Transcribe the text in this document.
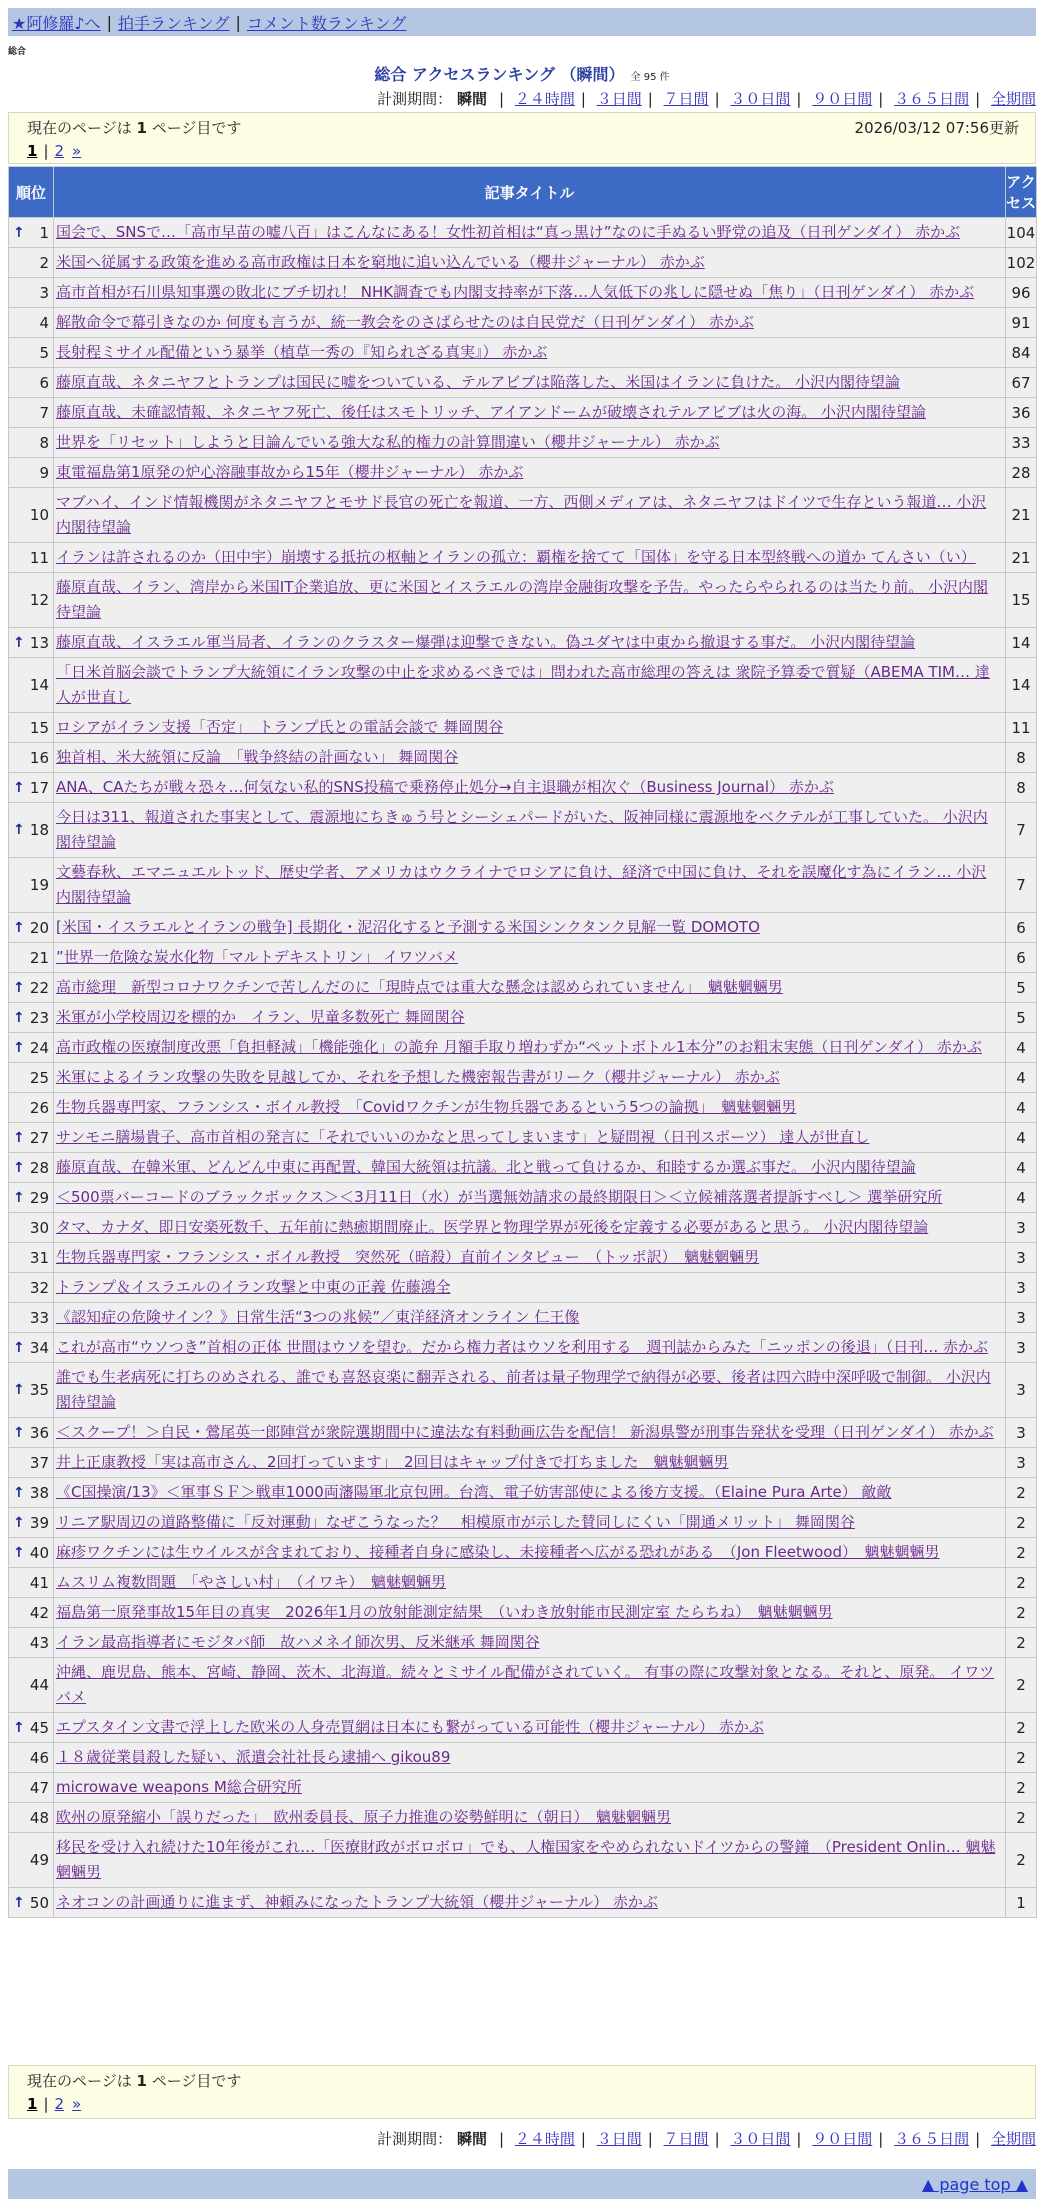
★阿修羅♪へ | 拍手ランキング | コメント数ランキング
総合
総合 アクセスランキング （瞬間） 全 95 件
計測期間： 瞬間 | ２４時間 | ３日間 | ７日間 | ３０日間 | ９０日間 | ３６５日間 | 全期間
現在のページは 1 ページ目です	2026/03/12 07:56更新
1 | 2 »
順位	記事タイトル	アクセス

↑ 1	国会で、SNSで…「高市早苗の嘘八百」はこんなにある！女性初首相は“真っ黒け”なのに手ぬるい野党の追及（日刊ゲンダイ） 赤かぶ	104
2	米国へ従属する政策を進める高市政権は日本を窮地に追い込んでいる（櫻井ジャーナル） 赤かぶ	102
3	高市首相が石川県知事選の敗北にブチ切れ！ NHK調査でも内閣支持率が下落…人気低下の兆しに隠せぬ「焦り」（日刊ゲンダイ） 赤かぶ	96
4	解散命令で幕引きなのか 何度も言うが、統一教会をのさばらせたのは自民党だ（日刊ゲンダイ） 赤かぶ	91
5	長射程ミサイル配備という暴挙（植草一秀の『知られざる真実』） 赤かぶ	84
6	藤原直哉、ネタニヤフとトランプは国民に嘘をついている、テルアビブは陥落した、米国はイランに負けた。 小沢内閣待望論	67
7	藤原直哉、未確認情報、ネタニヤフ死亡、後任はスモトリッチ、アイアンドームが破壊されテルアビブは火の海。 小沢内閣待望論	36
8	世界を「リセット」しようと目論んでいる強大な私的権力の計算間違い（櫻井ジャーナル） 赤かぶ	33
9	東電福島第1原発の炉心溶融事故から15年（櫻井ジャーナル） 赤かぶ	28
10	マブハイ、インド情報機関がネタニヤフとモサド長官の死亡を報道、一方、西側メディアは、ネタニヤフはドイツで生存という報道… 小沢内閣待望論	21
11	イランは許されるのか（田中宇）崩壊する抵抗の枢軸とイランの孤立：覇権を捨てて「国体」を守る日本型終戦への道か てんさい（い）	21
12	藤原直哉、イラン、湾岸から米国IT企業追放、更に米国とイスラエルの湾岸金融街攻撃を予告。やったらやられるのは当たり前。 小沢内閣待望論	15

↑ 13	藤原直哉、イスラエル軍当局者、イランのクラスター爆弾は迎撃できない。偽ユダヤは中東から撤退する事だ。 小沢内閣待望論	14
14	「日米首脳会談でトランプ大統領にイラン攻撃の中止を求めるべきでは」問われた高市総理の答えは 衆院予算委で質疑（ABEMA TIM… 達人が世直し	14
15	ロシアがイラン支援「否定」　トランプ氏との電話会談で 舞岡関谷	11
16	独首相、米大統領に反論　「戦争終結の計画ない」 舞岡関谷	8

↑ 17	ANA、CAたちが戦々恐々…何気ない私的SNS投稿で乗務停止処分→自主退職が相次ぐ（Business Journal） 赤かぶ	8

↑ 18	今日は311、報道された事実として、震源地にちきゅう号とシーシェパードがいた、阪神同様に震源地をベクテルが工事していた。 小沢内閣待望論	7
19	文藝春秋、エマニュエルトッド、歴史学者、アメリカはウクライナでロシアに負け、経済で中国に負け、それを誤魔化す為にイラン… 小沢内閣待望論	7

↑ 20	[米国・イスラエルとイランの戦争] 長期化・泥沼化すると予測する米国シンクタンク見解一覧 DOMOTO	6
21	”世界一危険な炭水化物「マルトデキストリン」 イワツバメ	6

↑ 22	高市総理　新型コロナワクチンで苦しんだのに「現時点では重大な懸念は認められていません」　魑魅魍魎男	5

↑ 23	米軍が小学校周辺を標的か　イラン、児童多数死亡 舞岡関谷	5

↑ 24	高市政権の医療制度改悪「負担軽減」「機能強化」の詭弁 月額手取り増わずか“ペットボトル1本分”のお粗末実態（日刊ゲンダイ） 赤かぶ	4
25	米軍によるイラン攻撃の失敗を見越してか、それを予想した機密報告書がリーク（櫻井ジャーナル） 赤かぶ	4
26	生物兵器専門家、フランシス・ボイル教授　「Covidワクチンが生物兵器であるという5つの論拠」　魑魅魍魎男	4

↑ 27	サンモニ膳場貴子、高市首相の発言に「それでいいのかなと思ってしまいます」と疑問視（日刊スポーツ） 達人が世直し	4

↑ 28	藤原直哉、在韓米軍、どんどん中東に再配置、韓国大統領は抗議。北と戦って負けるか、和睦するか選ぶ事だ。 小沢内閣待望論	4

↑ 29	＜500票バーコードのブラックボックス＞＜3月11日（水）が当選無効請求の最終期限日＞＜立候補落選者提訴すべし＞ 選挙研究所	4
30	タマ、カナダ、即日安楽死数千、五年前に熱癒期間廃止。医学界と物理学界が死後を定義する必要があると思う。 小沢内閣待望論	3
31	生物兵器専門家・フランシス・ボイル教授　突然死（暗殺）直前インタビュー　（トッポ訳）　魑魅魍魎男	3
32	トランプ＆イスラエルのイラン攻撃と中東の正義 佐藤鴻全	3
33	《認知症の危険サイン？》日常生活“3つの兆候”／東洋経済オンライン 仁王像	3

↑ 34	これが高市“ウソつき”首相の正体 世間はウソを望む。だから権力者はウソを利用する　週刊誌からみた「ニッポンの後退」（日刊… 赤かぶ	3

↑ 35	誰でも生老病死に打ちのめされる、誰でも喜怒哀楽に翻弄される、前者は量子物理学で納得が必要、後者は四六時中深呼吸で制御。 小沢内閣待望論	3

↑ 36	＜スクープ！＞自民・鶯尾英一郎陣営が衆院選期間中に違法な有料動画広告を配信！ 新潟県警が刑事告発状を受理（日刊ゲンダイ） 赤かぶ	3
37	井上正康教授「実は高市さん、2回打っています」　2回目はキャップ付きで打ちました　魑魅魍魎男	3

↑ 38	《C国操演/13》＜軍事ＳＦ＞戦車1000両瀋陽軍北京包囲。台湾、電子妨害部使による後方支援。（Elaine Pura Arte） 敵敵	2

↑ 39	リニア駅周辺の道路整備に「反対運動」なぜこうなった？　相模原市が示した賛同しにくい「開通メリット」 舞岡関谷	2

↑ 40	麻疹ワクチンには生ウイルスが含まれており、接種者自身に感染し、未接種者へ広がる恐れがある　（Jon Fleetwood）　魑魅魍魎男	2
41	ムスリム複数問題　「やさしい村」　（イワキ）　魑魅魍魎男	2
42	福島第一原発事故15年目の真実　2026年1月の放射能測定結果　（いわき放射能市民測定室 たらちね）　魑魅魍魎男	2
43	イラン最高指導者にモジタバ師　故ハメネイ師次男、反米継承 舞岡関谷	2
44	沖縄、鹿児島、熊本、宮崎、静岡、茨木、北海道。続々とミサイル配備がされていく。 有事の際に攻撃対象となる。それと、原発。 イワツバメ	2

↑ 45	エプスタイン文書で浮上した欧米の人身売買網は日本にも繋がっている可能性（櫻井ジャーナル） 赤かぶ	2
46	１８歳従業員殺した疑い、派遣会社社長ら逮捕へ gikou89	2
47	microwave weapons M総合研究所	2
48	欧州の原発縮小「誤りだった」　欧州委員長、原子力推進の姿勢鮮明に（朝日）　魑魅魍魎男	2
49	移民を受け入れ続けた10年後がこれ…「医療財政がボロボロ」でも、人権国家をやめられないドイツからの警鐘　（President Onlin… 魑魅魍魎男	2

↑ 50	ネオコンの計画通りに進まず、神頼みになったトランプ大統領（櫻井ジャーナル） 赤かぶ	1
現在のページは 1 ページ目です
1 | 2 »
計測期間： 瞬間 | ２４時間 | ３日間 | ７日間 | ３０日間 | ９０日間 | ３６５日間 | 全期間
▲ page top ▲
